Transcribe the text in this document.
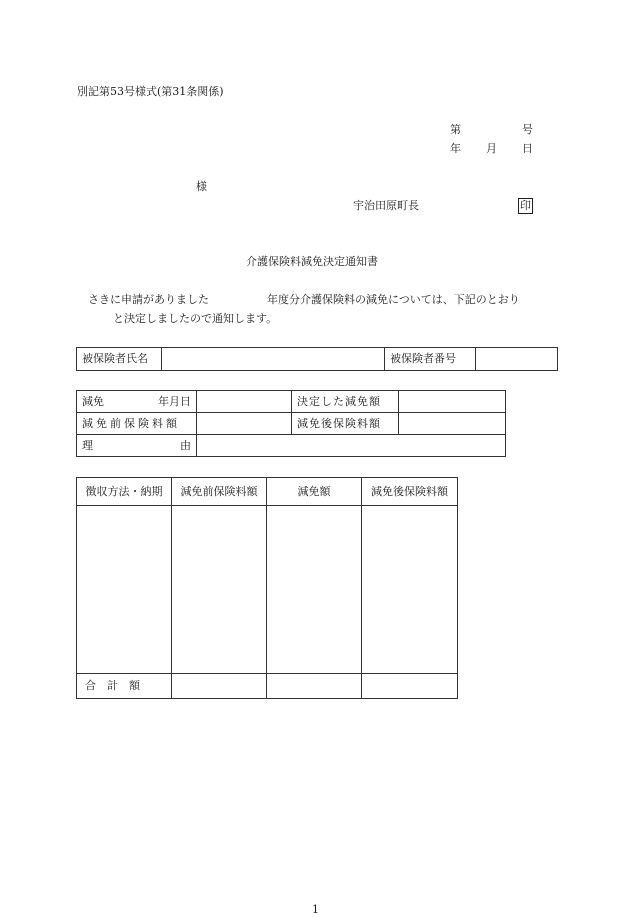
別記第53号様式(第31条関係)
第	号
年 月 日
様
宇治田原町長	印
介護保険料減免決定通知書
さきに申請がありました	年度分介護保険料の減免については、下記のとおり
と決定しましたので通知します。
被保険者氏名		被保険者番号	
減免 年月日		決定した減免額	
減免前保険料額		減免後保険料額	

理 由			

徴収方法・納期	減免前保険料額	減免額	減免後保険料額

合　計　額			
1
